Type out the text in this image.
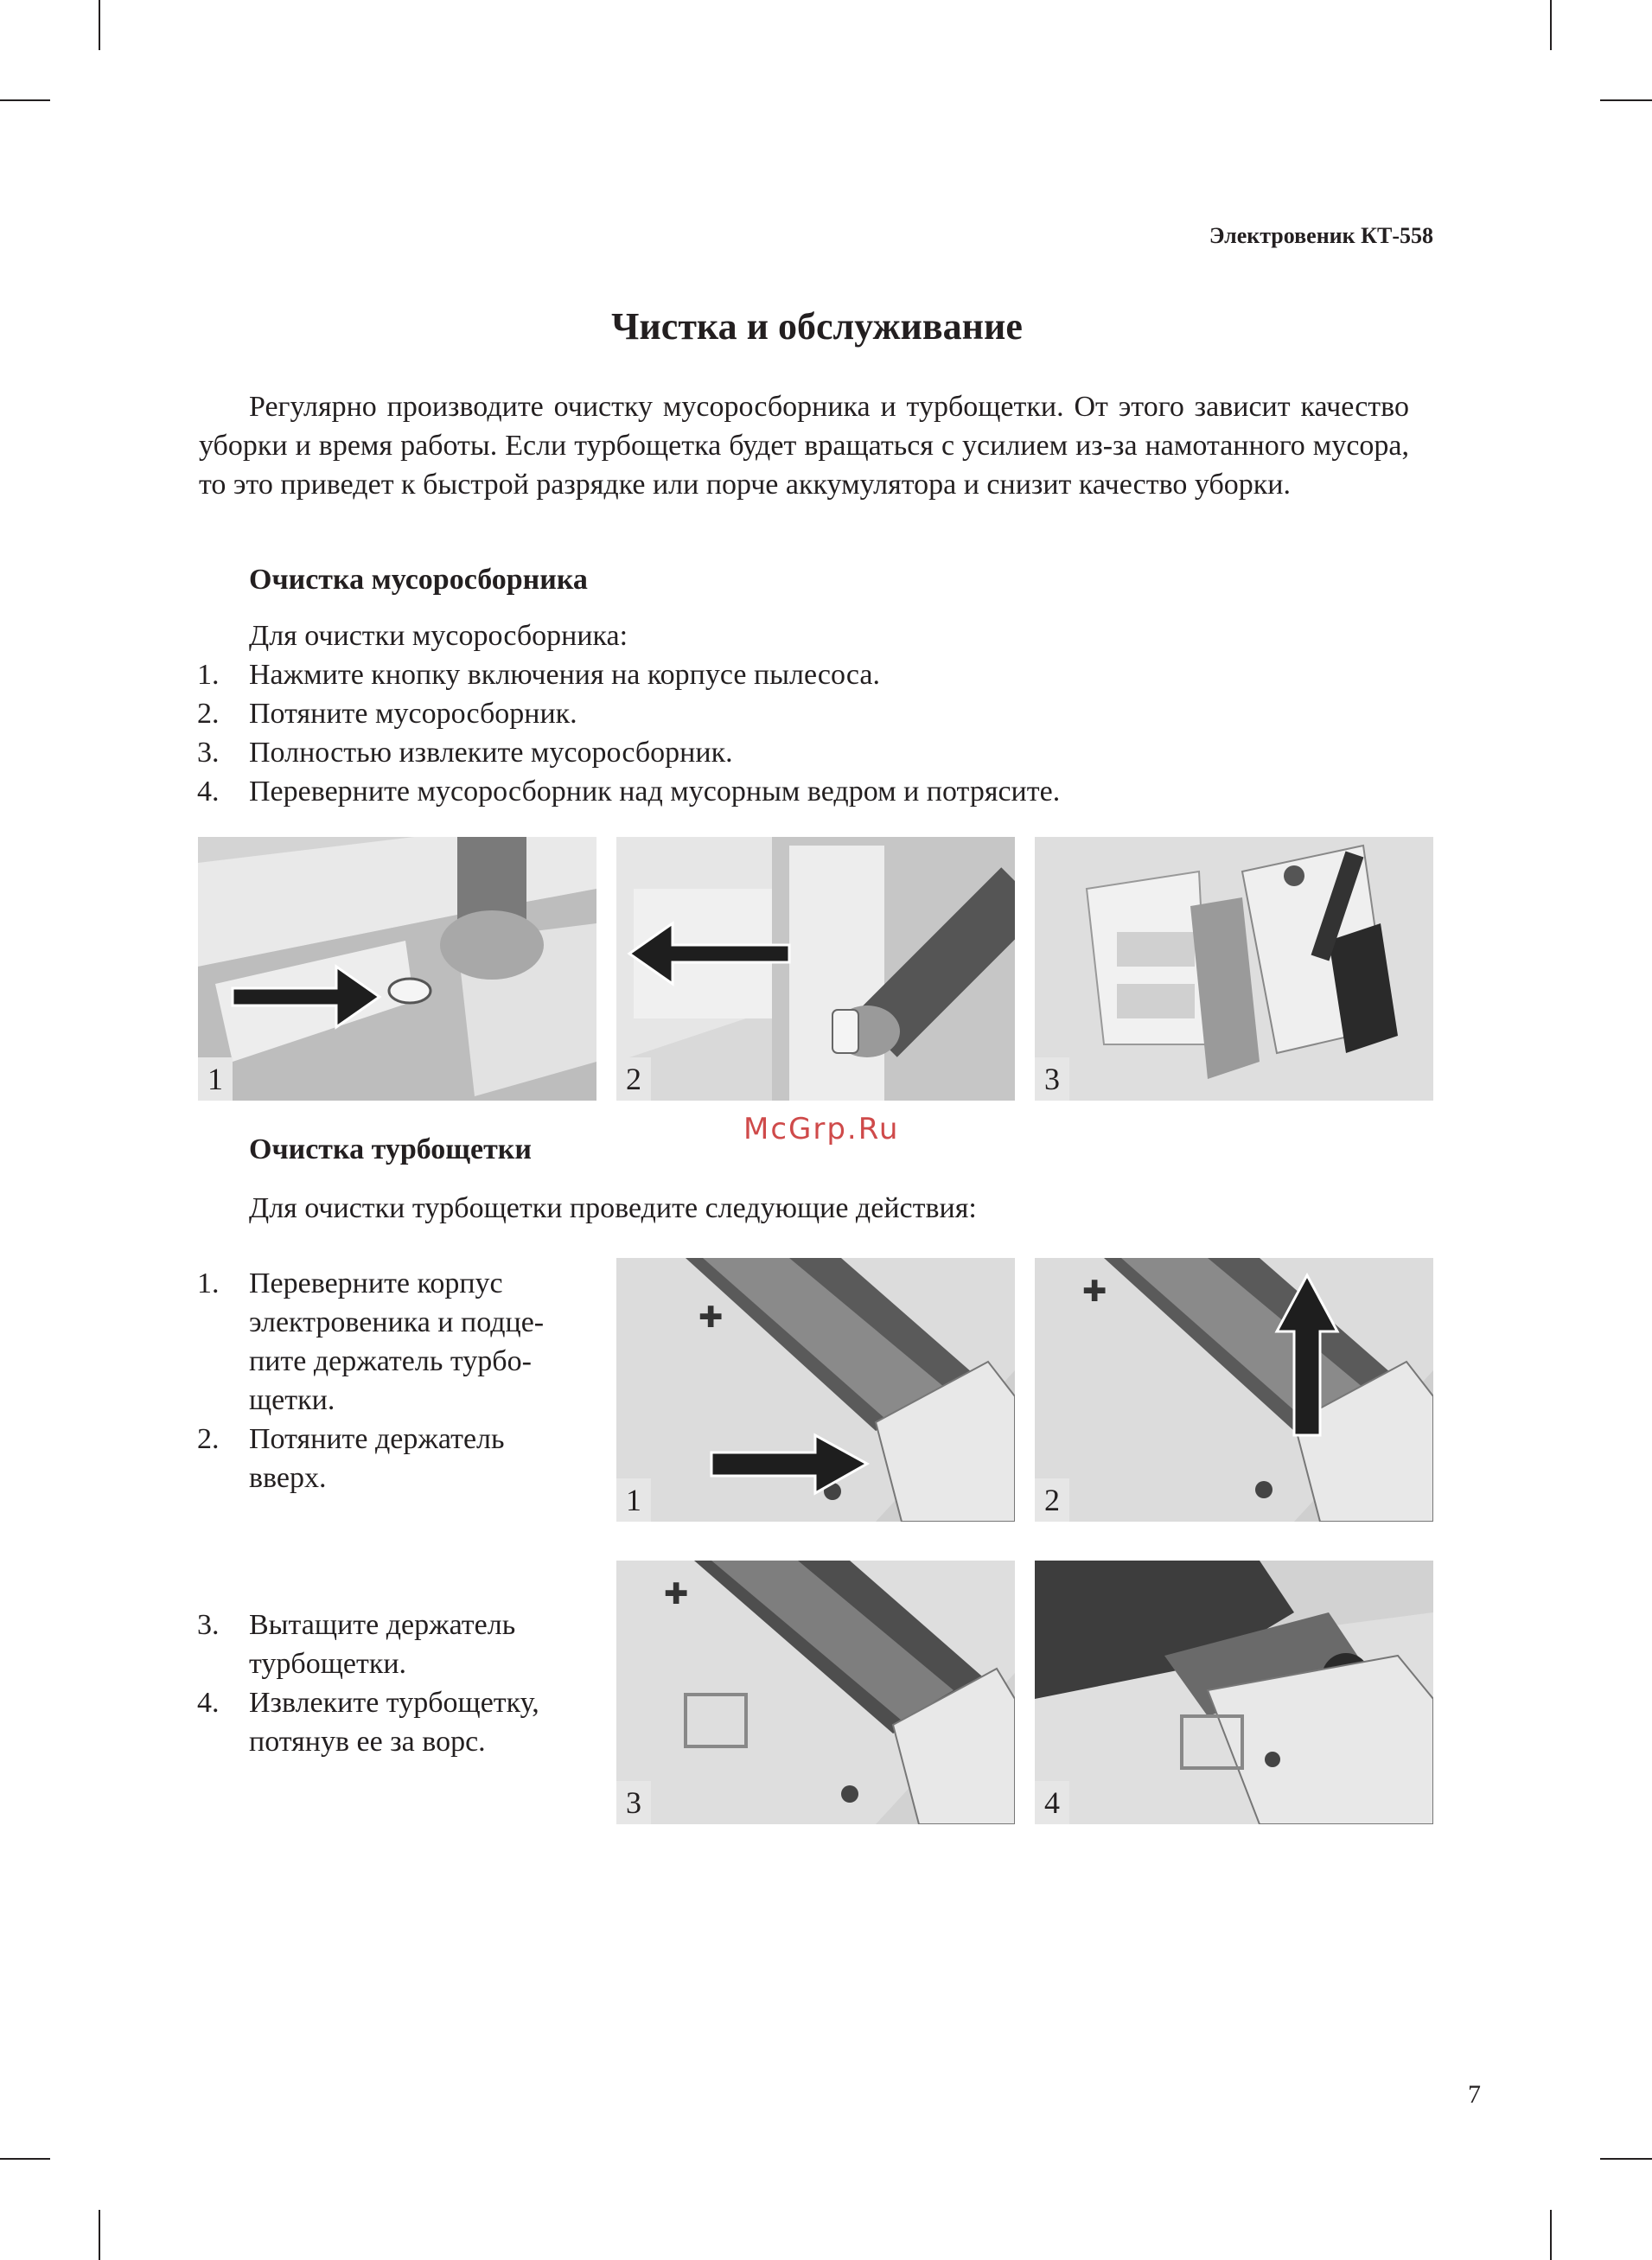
Электровеник КТ-558
Чистка и обслуживание

Регулярно производите очистку мусоросборника и турбощетки. От этого зависит качество уборки и время работы. Если турбощетка будет вращаться с усилием из-за намотанного мусора, то это приведет к быстрой разрядке или порче аккумулятора и снизит качество уборки.

Очистка мусоросборника
Для очистки мусоросборника:
1. Нажмите кнопку включения на корпусе пылесоса.
2. Потяните мусоросборник.
3. Полностью извлеките мусоросборник.
4. Переверните мусоросборник над мусорным ведром и потрясите.
1	2	3
McGrp.Ru
Очистка турбощетки
Для очистки турбощетки проведите следующие действия:
1. Переверните корпус
электровеника и подце-
пите держатель турбо-
щетки.
2. Потяните держатель
вверх.
3. Вытащите держатель
турбощетки.
4. Извлеките турбощетку,
потянув ее за ворс.
✚
1
✚
2
✚
3	4
7
